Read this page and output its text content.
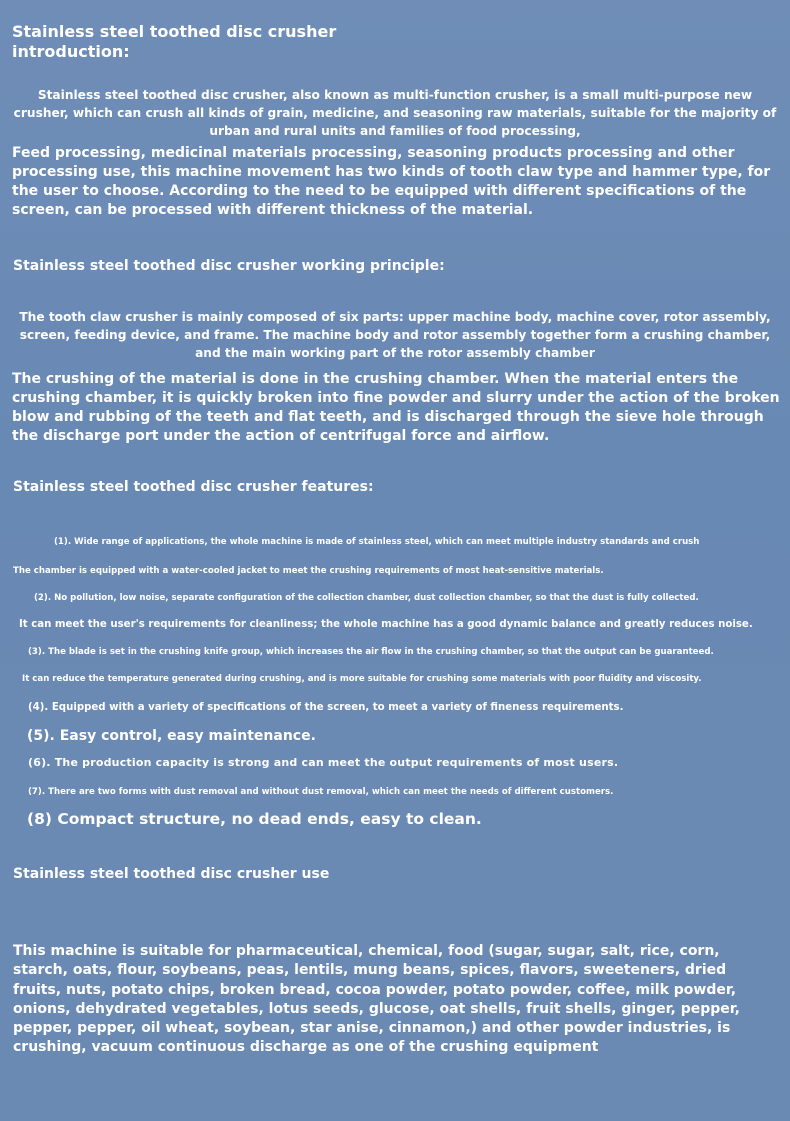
Stainless steel toothed disc crusher introduction:

Stainless steel toothed disc crusher, also known as multi-function crusher, is a small multi-purpose new crusher, which can crush all kinds of grain, medicine, and seasoning raw materials, suitable for the majority of urban and rural units and families of food processing,

Feed processing, medicinal materials processing, seasoning products processing and other processing use, this machine movement has two kinds of tooth claw type and hammer type, for the user to choose. According to the need to be equipped with different specifications of the screen, can be processed with different thickness of the material.

Stainless steel toothed disc crusher working principle:

The tooth claw crusher is mainly composed of six parts: upper machine body, machine cover, rotor assembly, screen, feeding device, and frame. The machine body and rotor assembly together form a crushing chamber, and the main working part of the rotor assembly chamber

The crushing of the material is done in the crushing chamber. When the material enters the crushing chamber, it is quickly broken into fine powder and slurry under the action of the broken blow and rubbing of the teeth and flat teeth, and is discharged through the sieve hole through the discharge port under the action of centrifugal force and airflow.

Stainless steel toothed disc crusher features:
(1). Wide range of applications, the whole machine is made of stainless steel, which can meet multiple industry standards and crush
The chamber is equipped with a water-cooled jacket to meet the crushing requirements of most heat-sensitive materials.
(2). No pollution, low noise, separate configuration of the collection chamber, dust collection chamber, so that the dust is fully collected.
It can meet the user's requirements for cleanliness; the whole machine has a good dynamic balance and greatly reduces noise.
(3). The blade is set in the crushing knife group, which increases the air flow in the crushing chamber, so that the output can be guaranteed.
It can reduce the temperature generated during crushing, and is more suitable for crushing some materials with poor fluidity and viscosity.
(4). Equipped with a variety of specifications of the screen, to meet a variety of fineness requirements.
(5). Easy control, easy maintenance.
(6). The production capacity is strong and can meet the output requirements of most users.
(7). There are two forms with dust removal and without dust removal, which can meet the needs of different customers.
(8) Compact structure, no dead ends, easy to clean.
Stainless steel toothed disc crusher use

This machine is suitable for pharmaceutical, chemical, food (sugar, sugar, salt, rice, corn, starch, oats, flour, soybeans, peas, lentils, mung beans, spices, flavors, sweeteners, dried fruits, nuts, potato chips, broken bread, cocoa powder, potato powder, coffee, milk powder, onions, dehydrated vegetables, lotus seeds, glucose, oat shells, fruit shells, ginger, pepper, pepper, pepper, oil wheat, soybean, star anise, cinnamon,) and other powder industries, is crushing, vacuum continuous discharge as one of the crushing equipment
